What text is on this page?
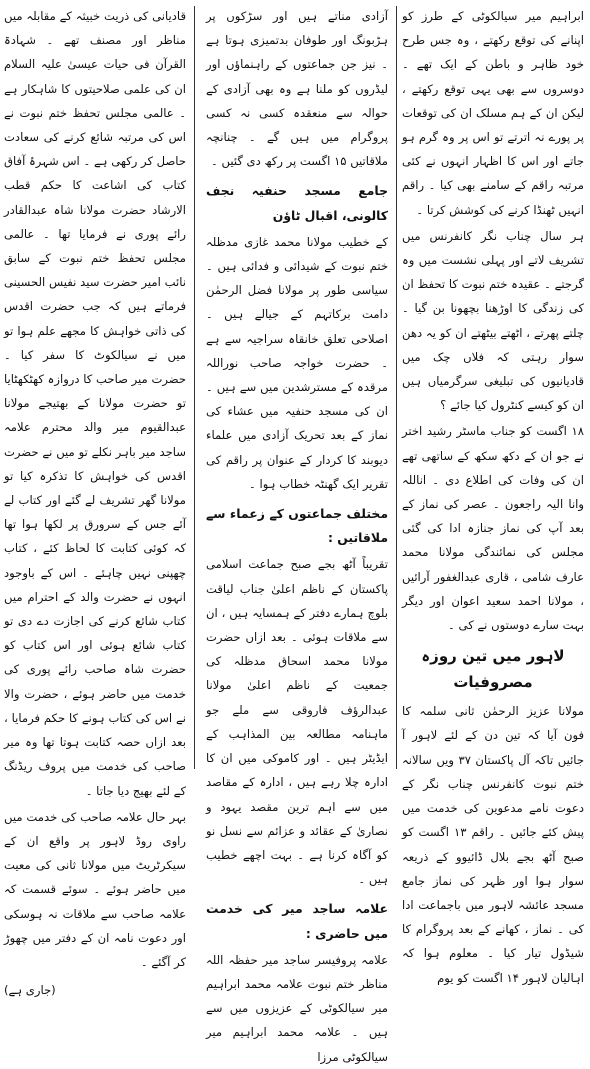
ابراہیم میر سیالکوٹی کے طرز کو اپنانے کی توقع رکھتے ، وہ جس طرح خود ظاہر و باطن کے ایک تھے ۔ دوسروں سے بھی یہی توقع رکھتے ، لیکن ان کے ہم مسلک ان کی توقعات پر پورے نہ اترتے تو اس پر وہ گرم ہو جاتے اور اس کا اظہار انہوں نے کئی مرتبہ راقم کے سامنے بھی کیا ۔ راقم انہیں ٹھنڈا کرنے کی کوشش کرتا ۔

ہر سال چناب نگر کانفرنس میں تشریف لاتے اور پہلی نشست میں وہ گرجتے ۔ عقیدہ ختم نبوت کا تحفظ ان کی زندگی کا اوڑھنا بچھونا بن گیا ۔ چلتے پھرتے ، اٹھتے بیٹھتے ان کو یہ دھن سوار رہتی کہ فلاں چک میں قادیانیوں کی تبلیغی سرگرمیاں ہیں ان کو کیسے کنٹرول کیا جائے ؟

۱۸ اگست کو جناب ماسٹر رشید اختر نے جو ان کے دکھ سکھ کے ساتھی تھے ان کی وفات کی اطلاع دی ۔ اناللہ وانا الیہ راجعون ۔ عصر کی نماز کے بعد آپ کی نماز جنازہ ادا کی گئی مجلس کی نمائندگی مولانا محمد عارف شامی ، قاری عبدالغفور آرائیں ، مولانا احمد سعید اعوان اور دیگر بہت سارے دوستوں نے کی ۔

لاہور میں تین روزہ مصروفیات

مولانا عزیز الرحمٰن ثانی سلمہ کا فون آیا کہ تین دن کے لئے لاہور آ جائیں تاکہ آل پاکستان ۳۷ ویں سالانہ ختم نبوت کانفرنس چناب نگر کے دعوت نامے مدعوین کی خدمت میں پیش کئے جائیں ۔ راقم ۱۳ اگست کو صبح آٹھ بجے بلال ڈائیوو کے ذریعہ سوار ہوا اور ظہر کی نماز جامع مسجد عائشہ لاہور میں باجماعت ادا کی ۔ نماز ، کھانے کے بعد پروگرام کا شیڈول تیار کیا ۔ معلوم ہوا کہ اہالیان لاہور ۱۴ اگست کو یوم

آزادی مناتے ہیں اور سڑکوں پر ہڑبونگ اور طوفان بدتمیزی ہوتا ہے ۔ نیز جن جماعتوں کے راہنماؤں اور لیڈروں کو ملنا ہے وہ بھی آزادی کے حوالہ سے منعقدہ کسی نہ کسی پروگرام میں ہیں گے ۔ چنانچہ ملاقاتیں ۱۵ اگست پر رکھ دی گئیں ۔

جامع مسجد حنفیہ نجف کالونی، اقبال ٹاؤن

کے خطیب مولانا محمد غازی مدظلہ ختم نبوت کے شیدائی و فدائی ہیں ۔ سیاسی طور پر مولانا فضل الرحمٰن دامت برکاتہم کے جیالے ہیں ۔ اصلاحی تعلق خانقاہ سراجیہ سے ہے ۔ حضرت خواجہ صاحب نوراللہ مرقدہ کے مسترشدین میں سے ہیں ۔ ان کی مسجد حنفیہ میں عشاء کی نماز کے بعد تحریک آزادی میں علماء دیوبند کا کردار کے عنوان پر راقم کی تقریر ایک گھنٹہ خطاب ہوا ۔

مختلف جماعتوں کے زعماء سے ملاقاتیں :

تقریباً آٹھ بجے صبح جماعت اسلامی پاکستان کے ناظم اعلیٰ جناب لیاقت بلوچ ہمارے دفتر کے ہمسایہ ہیں ، ان سے ملاقات ہوئی ۔ بعد ازاں حضرت مولانا محمد اسحاق مدظلہ کی جمعیت کے ناظم اعلیٰ مولانا عبدالرؤف فاروقی سے ملے جو ماہنامہ مطالعہ بین المذاہب کے ایڈیٹر ہیں ۔ اور کاموکی میں ان کا ادارہ چلا رہے ہیں ، ادارہ کے مقاصد میں سے اہم ترین مقصد یہود و نصاریٰ کے عقائد و عزائم سے نسل نو کو آگاہ کرنا ہے ۔ بہت اچھے خطیب ہیں ۔

علامہ ساجد میر کی خدمت میں حاضری :

علامہ پروفیسر ساجد میر حفظہ اللہ مناظر ختم نبوت علامہ محمد ابراہیم میر سیالکوٹی کے عزیزوں میں سے ہیں ۔ علامہ محمد ابراہیم میر سیالکوٹی مرزا

قادیانی کی ذریت خبیثہ کے مقابلہ میں مناظر اور مصنف تھے ۔ شہادۃ القرآن فی حیات عیسیٰ علیہ السلام ان کی علمی صلاحیتوں کا شاہکار ہے ۔ عالمی مجلس تحفظ ختم نبوت نے اس کی مرتبہ شائع کرنے کی سعادت حاصل کر رکھی ہے ۔ اس شہرۂ آفاق کتاب کی اشاعت کا حکم قطب الارشاد حضرت مولانا شاہ عبدالقادر رائے پوری نے فرمایا تھا ۔ عالمی مجلس تحفظ ختم نبوت کے سابق نائب امیر حضرت سید نفیس الحسینی فرماتے ہیں کہ جب حضرت اقدس کی ذاتی خواہش کا مجھے علم ہوا تو میں نے سیالکوٹ کا سفر کیا ۔ حضرت میر صاحب کا دروازہ کھٹکھٹایا تو حضرت مولانا کے بھتیجے مولانا عبدالقیوم میر والد محترم علامہ ساجد میر باہر نکلے تو میں نے حضرت اقدس کی خواہش کا تذکرہ کیا تو مولانا گھر تشریف لے گئے اور کتاب لے آئے جس کے سرورق پر لکھا ہوا تھا کہ کوئی کتابت کا لحاظ کئے ، کتاب چھپنی نہیں چاہئے ۔ اس کے باوجود انہوں نے حضرت والد کے احترام میں کتاب شائع کرنے کی اجازت دے دی تو کتاب شائع ہوئی اور اس کتاب کو حضرت شاہ صاحب رائے پوری کی خدمت میں حاضر ہوئے ، حضرت والا نے اس کی کتاب ہونے کا حکم فرمایا ، بعد ازاں حصہ کتابت ہوتا تھا وہ میر صاحب کی خدمت میں پروف ریڈنگ کے لئے بھیج دیا جاتا ۔

بہر حال علامہ صاحب کی خدمت میں راوی روڈ لاہور پر واقع ان کے سیکرٹریٹ میں مولانا ثانی کی معیت میں حاضر ہوئے ۔ سوئے قسمت کہ علامہ صاحب سے ملاقات نہ ہوسکی اور دعوت نامہ ان کے دفتر میں چھوڑ کر آگئے ۔

(جاری ہے)
